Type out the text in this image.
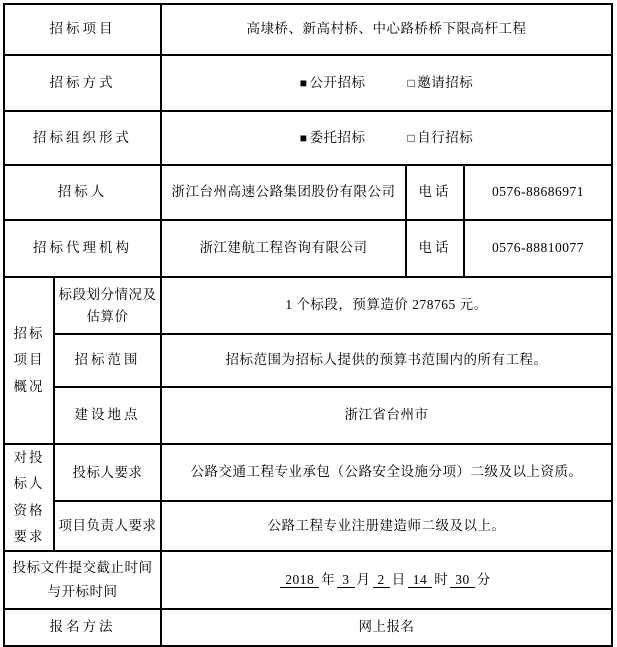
招标项目		高埭桥、新高村桥、中心路桥桥下限高杆工程		
招标方式		■ 公开招标 □ 邀请招标		

招标组织形式		■ 委托招标 □ 自行招标		

招标人		浙江台州高速公路集团股份有限公司	电话	0576-88686971
招标代理机构		浙江建航工程咨询有限公司	电话	0576-88810077
招标项目概况	标段划分情况及估算价	1 个标段，预算造价 278765 元。		
	招标范围	招标范围为招标人提供的预算书范围内的所有工程。		
	建设地点	浙江省台州市		
对投标人资格要求	投标人要求	公路交通工程专业承包（公路安全设施分项）二级及以上资质。		
	项目负责人要求	公路工程专业注册建造师二级及以上。		
投标文件提交截止时间与开标时间		2018 年 3 月 2 日 14 时 30 分		
报名方法		网上报名		
